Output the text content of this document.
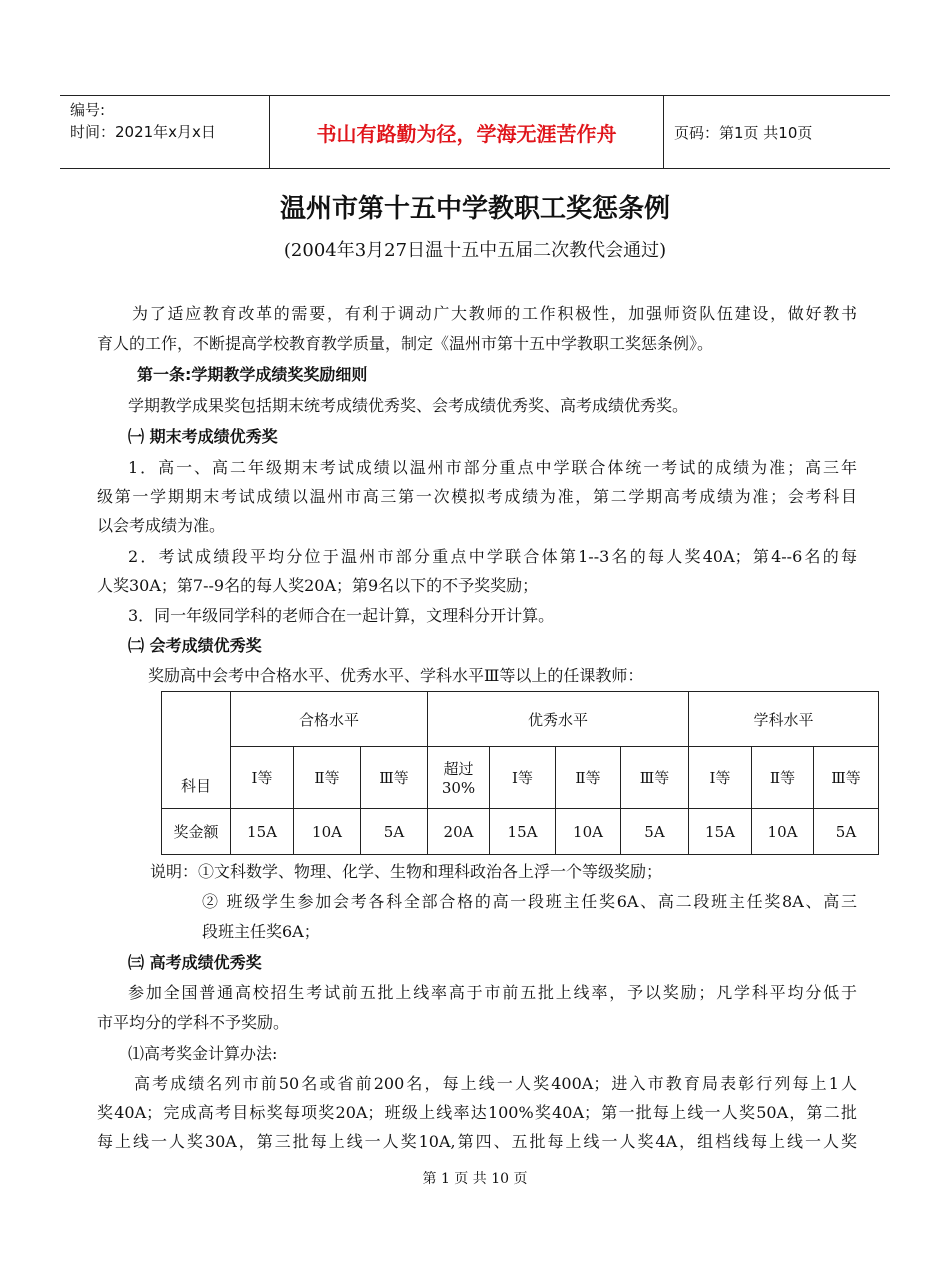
编号:
时间：2021年x月x日	书山有路勤为径，学海无涯苦作舟	页码：第1页 共10页
温州市第十五中学教职工奖惩条例
(2004年3月27日温十五中五届二次教代会通过)
为了适应教育改革的需要，有利于调动广大教师的工作积极性，加强师资队伍建设，做好教书
育人的工作，不断提高学校教育教学质量，制定《温州市第十五中学教职工奖惩条例》。
第一条:学期教学成绩奖奖励细则
学期教学成果奖包括期末统考成绩优秀奖、会考成绩优秀奖、高考成绩优秀奖。
㈠ 期末考成绩优秀奖
1．高一、高二年级期末考试成绩以温州市部分重点中学联合体统一考试的成绩为准；高三年
级第一学期期末考试成绩以温州市高三第一次模拟考成绩为准，第二学期高考成绩为准；会考科目
以会考成绩为准。
2．考试成绩段平均分位于温州市部分重点中学联合体第1--3名的每人奖40A；第4--6名的每
人奖30A；第7--9名的每人奖20A；第9名以下的不予奖奖励；
3．同一年级同学科的老师合在一起计算，文理科分开计算。
㈡ 会考成绩优秀奖
奖励高中会考中合格水平、优秀水平、学科水平Ⅲ等以上的任课教师：
科目	合格水平			优秀水平				学科水平		
	Ⅰ等	Ⅱ等	Ⅲ等	超过
30%	Ⅰ等	Ⅱ等	Ⅲ等	Ⅰ等	Ⅱ等	Ⅲ等
奖金额	15A	10A	5A	20A	15A	10A	5A	15A	10A	5A
说明：①文科数学、物理、化学、生物和理科政治各上浮一个等级奖励；
② 班级学生参加会考各科全部合格的高一段班主任奖6A、高二段班主任奖8A、高三
段班主任奖6A；
㈢ 高考成绩优秀奖
参加全国普通高校招生考试前五批上线率高于市前五批上线率，予以奖励；凡学科平均分低于
市平均分的学科不予奖励。
⑴高考奖金计算办法:
高考成绩名列市前50名或省前200名，每上线一人奖400A；进入市教育局表彰行列每上1人
奖40A；完成高考目标奖每项奖20A；班级上线率达100%奖40A；第一批每上线一人奖50A，第二批
每上线一人奖30A，第三批每上线一人奖10A,第四、五批每上线一人奖4A，组档线每上线一人奖
第 1 页 共 10 页
